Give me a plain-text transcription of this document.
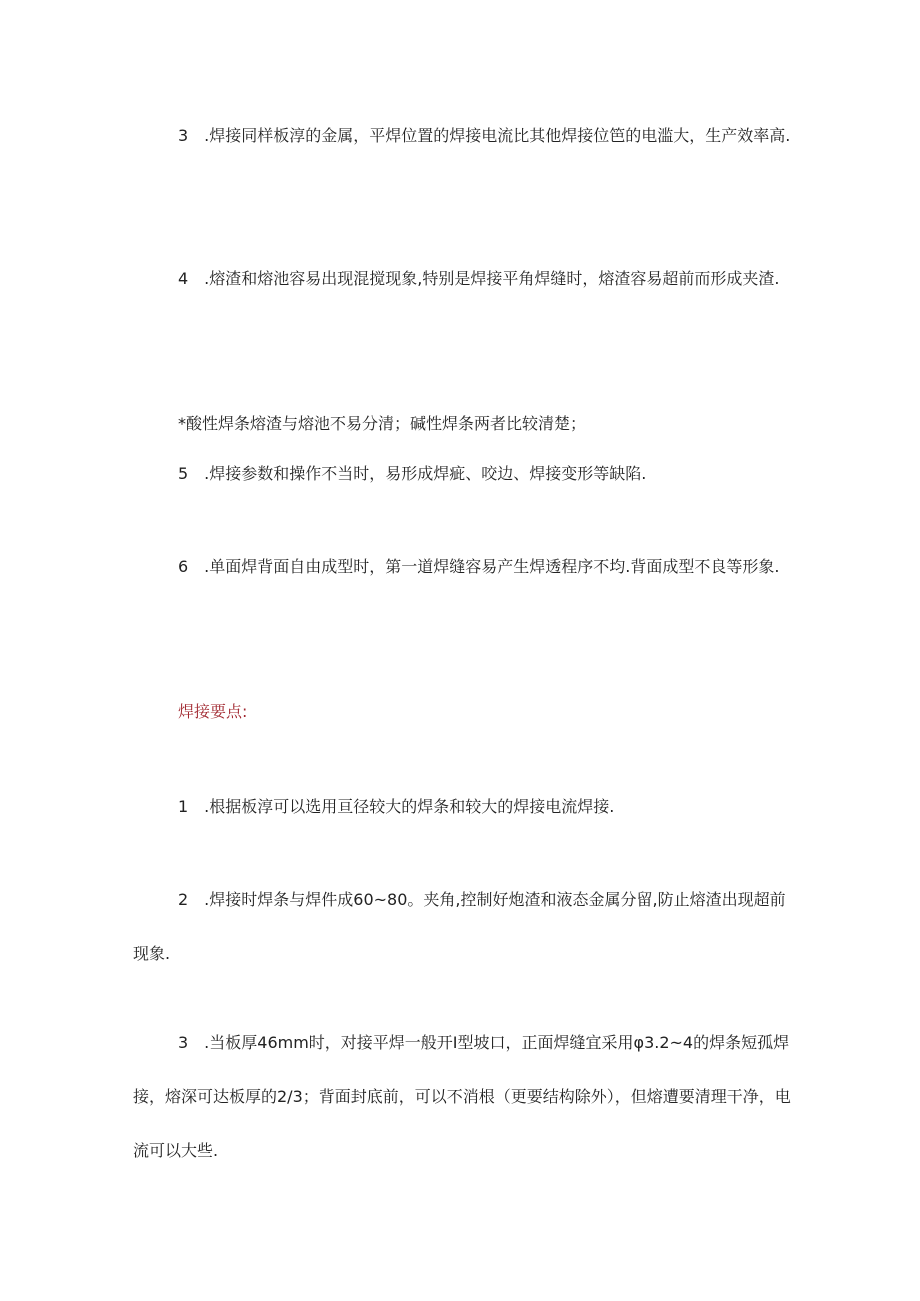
3　.焊接同样板淳的金属，平焊位置的焊接电流比其他焊接位笆的电滥大，生产效率高.

4　.熔渣和熔池容易出现混搅现象,特别是焊接平角焊缝时，熔渣容易超前而形成夹渣.

*酸性焊条熔渣与熔池不易分清；碱性焊条两者比较清楚；

5　.焊接参数和操作不当时，易形成焊疵、咬边、焊接变形等缺陷.

6　.单面焊背面自由成型时，第一道焊缝容易产生焊透程序不均.背面成型不良等形象.

焊接要点:

1　.根据板淳可以选用亘径较大的焊条和较大的焊接电流焊接.

2　.焊接时焊条与焊件成60~80。夹角,控制好炮渣和液态金属分留,防止熔渣出现超前现象.

3　.当板厚46mm时，对接平焊一般开I型坡口，正面焊缝宜采用φ3.2~4的焊条短孤焊接，熔深可达板厚的2/3；背面封底前，可以不消根（更要结构除外），但熔遭要清理干净，电流可以大些.
